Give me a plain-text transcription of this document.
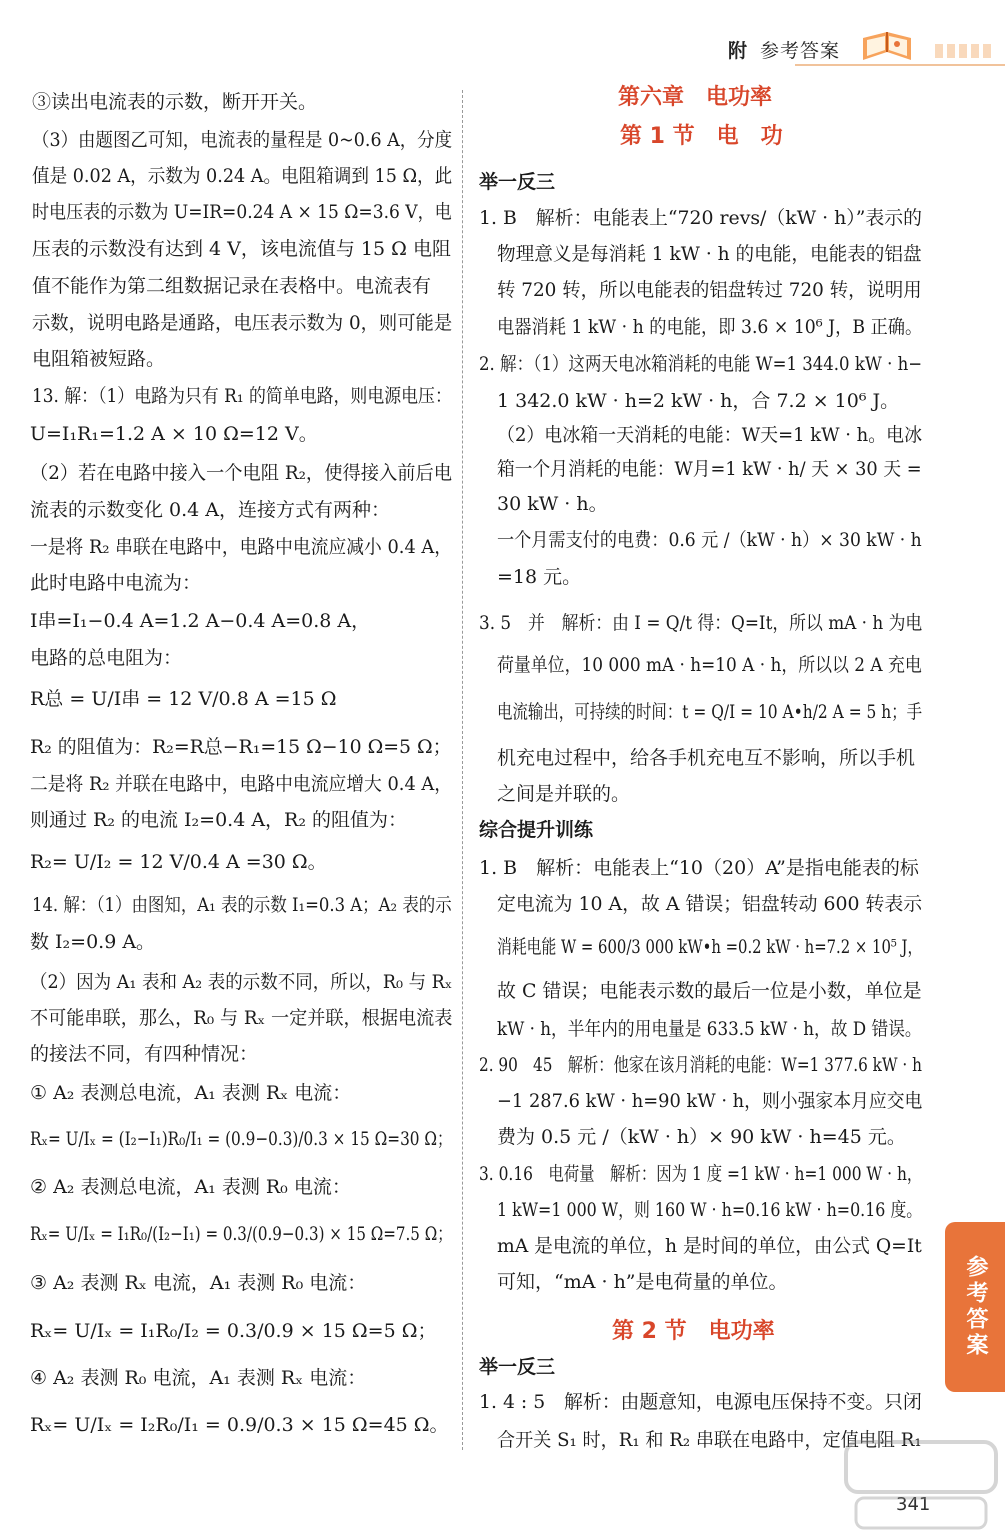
附 参考答案
参考答案
③读出电流表的示数，断开开关。
（3）由题图乙可知，电流表的量程是 0~0.6 A，分度
值是 0.02 A，示数为 0.24 A。电阻箱调到 15 Ω，此
时电压表的示数为 U=IR=0.24 A × 15 Ω=3.6 V，电
压表的示数没有达到 4 V，该电流值与 15 Ω 电阻
值不能作为第二组数据记录在表格中。电流表有
示数，说明电路是通路，电压表示数为 0，则可能是
电阻箱被短路。
13. 解：（1）电路为只有 R₁ 的简单电路，则电源电压：
U=I₁R₁=1.2 A × 10 Ω=12 V。
（2）若在电路中接入一个电阻 R₂，使得接入前后电
流表的示数变化 0.4 A，连接方式有两种：
一是将 R₂ 串联在电路中，电路中电流应减小 0.4 A，
此时电路中电流为：
I串=I₁−0.4 A=1.2 A−0.4 A=0.8 A，
电路的总电阻为：
R总 = U/I串 = 12 V/0.8 A =15 Ω
R₂ 的阻值为：R₂=R总−R₁=15 Ω−10 Ω=5 Ω；
二是将 R₂ 并联在电路中，电路中电流应增大 0.4 A，
则通过 R₂ 的电流 I₂=0.4 A，R₂ 的阻值为：
R₂= U/I₂ = 12 V/0.4 A =30 Ω。
14. 解：（1）由图知，A₁ 表的示数 I₁=0.3 A；A₂ 表的示
数 I₂=0.9 A。
（2）因为 A₁ 表和 A₂ 表的示数不同，所以，R₀ 与 Rₓ
不可能串联，那么，R₀ 与 Rₓ 一定并联，根据电流表
的接法不同，有四种情况：
① A₂ 表测总电流，A₁ 表测 Rₓ 电流：
Rₓ= U/Iₓ = (I₂−I₁)R₀/I₁ = (0.9−0.3)/0.3 × 15 Ω=30 Ω；
② A₂ 表测总电流，A₁ 表测 R₀ 电流：
Rₓ= U/Iₓ = I₁R₀/(I₂−I₁) = 0.3/(0.9−0.3) × 15 Ω=7.5 Ω；
③ A₂ 表测 Rₓ 电流，A₁ 表测 R₀ 电流：
Rₓ= U/Iₓ = I₁R₀/I₂ = 0.3/0.9 × 15 Ω=5 Ω；
④ A₂ 表测 R₀ 电流，A₁ 表测 Rₓ 电流：
Rₓ= U/Iₓ = I₂R₀/I₁ = 0.9/0.3 × 15 Ω=45 Ω。
第六章　电功率
第 1 节　电　功
举一反三
1. B　解析：电能表上“720 revs/（kW · h）”表示的
物理意义是每消耗 1 kW · h 的电能，电能表的铝盘
转 720 转，所以电能表的铝盘转过 720 转，说明用
电器消耗 1 kW · h 的电能，即 3.6 × 10⁶ J，B 正确。
2. 解：（1）这两天电冰箱消耗的电能 W=1 344.0 kW · h−
1 342.0 kW · h=2 kW · h，合 7.2 × 10⁶ J。
（2）电冰箱一天消耗的电能：W天=1 kW · h。电冰
箱一个月消耗的电能：W月=1 kW · h/ 天 × 30 天 =
30 kW · h。
一个月需支付的电费：0.6 元 /（kW · h）× 30 kW · h
=18 元。
3. 5　并　解析：由 I = Q/t 得：Q=It，所以 mA · h 为电
荷量单位，10 000 mA · h=10 A · h，所以以 2 A 充电
电流输出，可持续的时间：t = Q/I = 10 A•h/2 A = 5 h；手
机充电过程中，给各手机充电互不影响，所以手机
之间是并联的。
综合提升训练
1. B　解析：电能表上“10（20）A”是指电能表的标
定电流为 10 A，故 A 错误；铝盘转动 600 转表示
消耗电能 W = 600/3 000 kW•h =0.2 kW · h=7.2 × 10⁵ J，
故 C 错误；电能表示数的最后一位是小数，单位是
kW · h，半年内的用电量是 633.5 kW · h，故 D 错误。
2. 90　45　解析：他家在该月消耗的电能：W=1 377.6 kW · h
−1 287.6 kW · h=90 kW · h，则小强家本月应交电
费为 0.5 元 /（kW · h）× 90 kW · h=45 元。
3. 0.16　电荷量　解析：因为 1 度 =1 kW · h=1 000 W · h，
1 kW=1 000 W，则 160 W · h=0.16 kW · h=0.16 度。
mA 是电流的单位，h 是时间的单位，由公式 Q=It
可知，“mA · h”是电荷量的单位。
第 2 节　电功率
举一反三
1. 4 : 5　解析：由题意知，电源电压保持不变。只闭
合开关 S₁ 时，R₁ 和 R₂ 串联在电路中，定值电阻 R₁
341
